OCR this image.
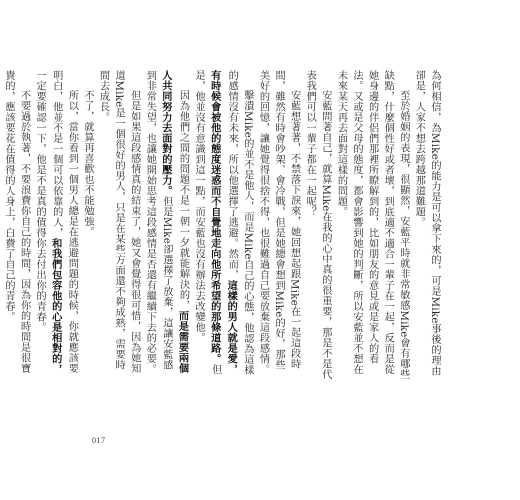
為何相信，為Mike的能力是可以拿下來的，可是Mike事後的理由卻是，人家不想去跨越那道難題。

至於婚姻的表現，很顯然，安藍平時就非常敏感Mike會有哪些缺點，什麼個性好或者壞，到底適不適合一輩子在一起，反而是從她身邊的伴侶們那裡所瞭解到的，比如朋友的意見或是家人的看法。又或是父母的態度，都會影響到她的判斷，所以安藍並不想在未來某天再去面對這樣的問題。

安藍問著自己，就算Mike在我的心中真的很重要，那是不是代表我們可以一輩子都在一起呢？

安藍想著著，不禁落下淚來，她回想起跟Mike在一起這段時間，雖然有時會吵架、會冷戰，但是她總會想到Mike的好，那些美好的回憶，讓她覺得很捨不得，也很難過自己要放棄這段感情。

擊潰Mike的並不是他人，而是Mike自己的心態，他認為這樣的感情沒有未來，所以他選擇了逃避。然而，這樣的男人就是愛，有時候會被他的態度迷惑而不自覺地走向他所希望的那條道路。但是，他並沒有意識到這一點，而安藍也沒有辦法去改變他。

因為他們之間的問題不是一朝一夕就能解決的，而是需要兩個人共同努力去面對的壓力。但是Mike卻選擇了放棄，這讓安藍感到非常失望，也讓她開始思考這段感情是否還有繼續下去的必要。

但是如果這段感情真的結束了，她又會覺得很可惜，因為她知道Mike是一個很好的男人，只是在某些方面還不夠成熟，需要時間去成長。

不了，就算再喜歡也不能勉強。

所以，當你看到一個男人總是在逃避問題的時候，你就應該要明白，他並不是一個可以依靠的人，和我們包容他的心是相對的，一定要確認一下，他是不是真的值得你去付出你的青春。

不要過於執著，不要浪費你自己的時間，因為你的時間是很寶貴的，應該要花在值得的人身上，白費了自己的青春。

017
